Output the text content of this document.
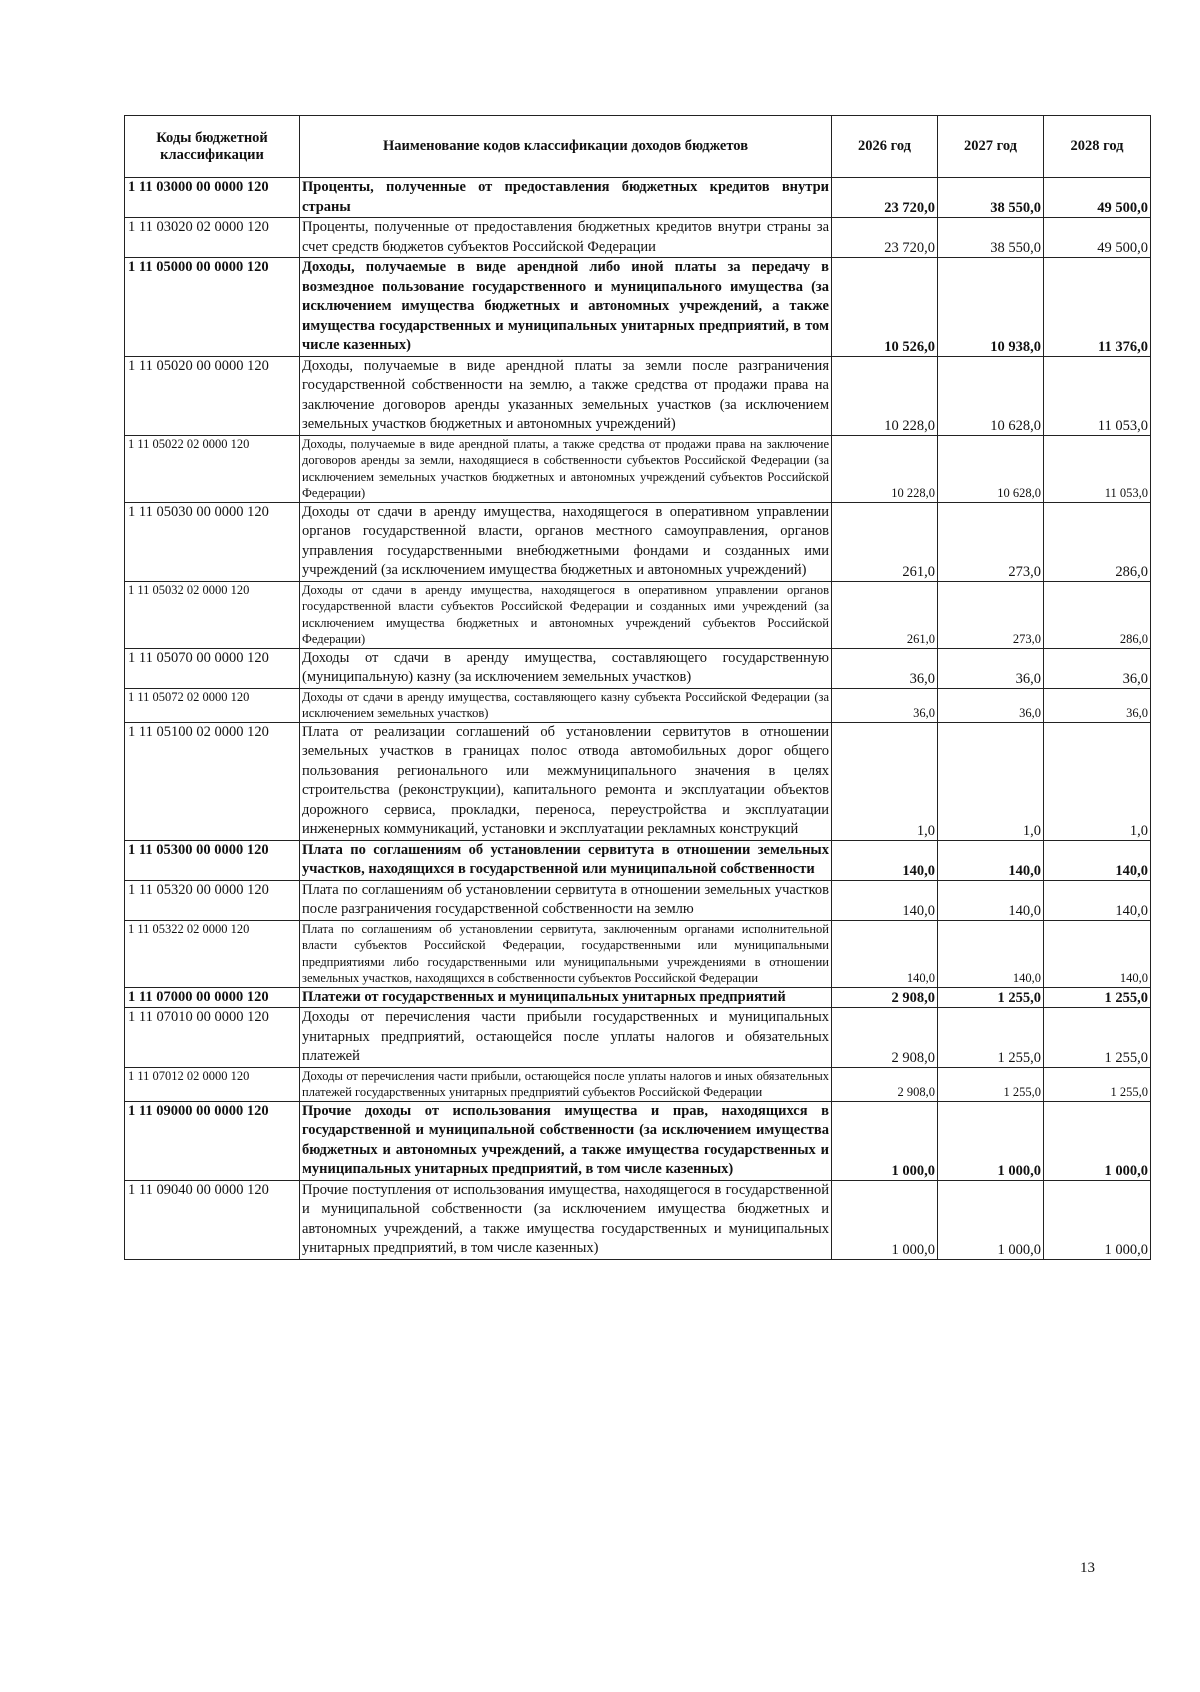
Коды бюджетной классификации	Наименование кодов классификации доходов бюджетов	2026 год	2027 год	2028 год
1 11 03000 00 0000 120	Проценты, полученные от предоставления бюджетных кредитов внутри страны	23 720,0	38 550,0	49 500,0
1 11 03020 02 0000 120	Проценты, полученные от предоставления бюджетных кредитов внутри страны за счет средств бюджетов субъектов Российской Федерации	23 720,0	38 550,0	49 500,0
1 11 05000 00 0000 120	Доходы, получаемые в виде арендной либо иной платы за передачу в возмездное пользование государственного и муниципального имущества (за исключением имущества бюджетных и автономных учреждений, а также имущества государственных и муниципальных унитарных предприятий, в том числе казенных)	10 526,0	10 938,0	11 376,0
1 11 05020 00 0000 120	Доходы, получаемые в виде арендной платы за земли после разграничения государственной собственности на землю, а также средства от продажи права на заключение договоров аренды указанных земельных участков (за исключением земельных участков бюджетных и автономных учреждений)	10 228,0	10 628,0	11 053,0
1 11 05022 02 0000 120	Доходы, получаемые в виде арендной платы, а также средства от продажи права на заключение договоров аренды за земли, находящиеся в собственности субъектов Российской Федерации (за исключением земельных участков бюджетных и автономных учреждений субъектов Российской Федерации)	10 228,0	10 628,0	11 053,0
1 11 05030 00 0000 120	Доходы от сдачи в аренду имущества, находящегося в оперативном управлении органов государственной власти, органов местного самоуправления, органов управления государственными внебюджетными фондами и созданных ими учреждений (за исключением имущества бюджетных и автономных учреждений)	261,0	273,0	286,0
1 11 05032 02 0000 120	Доходы от сдачи в аренду имущества, находящегося в оперативном управлении органов государственной власти субъектов Российской Федерации и созданных ими учреждений (за исключением имущества бюджетных и автономных учреждений субъектов Российской Федерации)	261,0	273,0	286,0
1 11 05070 00 0000 120	Доходы от сдачи в аренду имущества, составляющего государственную (муниципальную) казну (за исключением земельных участков)	36,0	36,0	36,0
1 11 05072 02 0000 120	Доходы от сдачи в аренду имущества, составляющего казну субъекта Российской Федерации (за исключением земельных участков)	36,0	36,0	36,0
1 11 05100 02 0000 120	Плата от реализации соглашений об установлении сервитутов в отношении земельных участков в границах полос отвода автомобильных дорог общего пользования регионального или межмуниципального значения в целях строительства (реконструкции), капитального ремонта и эксплуатации объектов дорожного сервиса, прокладки, переноса, переустройства и эксплуатации инженерных коммуникаций, установки и эксплуатации рекламных конструкций	1,0	1,0	1,0
1 11 05300 00 0000 120	Плата по соглашениям об установлении сервитута в отношении земельных участков, находящихся в государственной или муниципальной собственности	140,0	140,0	140,0
1 11 05320 00 0000 120	Плата по соглашениям об установлении сервитута в отношении земельных участков после разграничения государственной собственности на землю	140,0	140,0	140,0
1 11 05322 02 0000 120	Плата по соглашениям об установлении сервитута, заключенным органами исполнительной власти субъектов Российской Федерации, государственными или муниципальными предприятиями либо государственными или муниципальными учреждениями в отношении земельных участков, находящихся в собственности субъектов Российской Федерации	140,0	140,0	140,0
1 11 07000 00 0000 120	Платежи от государственных и муниципальных унитарных предприятий	2 908,0	1 255,0	1 255,0
1 11 07010 00 0000 120	Доходы от перечисления части прибыли государственных и муниципальных унитарных предприятий, остающейся после уплаты налогов и обязательных платежей	2 908,0	1 255,0	1 255,0
1 11 07012 02 0000 120	Доходы от перечисления части прибыли, остающейся после уплаты налогов и иных обязательных платежей государственных унитарных предприятий субъектов Российской Федерации	2 908,0	1 255,0	1 255,0
1 11 09000 00 0000 120	Прочие доходы от использования имущества и прав, находящихся в государственной и муниципальной собственности (за исключением имущества бюджетных и автономных учреждений, а также имущества государственных и муниципальных унитарных предприятий, в том числе казенных)	1 000,0	1 000,0	1 000,0
1 11 09040 00 0000 120	Прочие поступления от использования имущества, находящегося в государственной и муниципальной собственности (за исключением имущества бюджетных и автономных учреждений, а также имущества государственных и муниципальных унитарных предприятий, в том числе казенных)	1 000,0	1 000,0	1 000,0
13
